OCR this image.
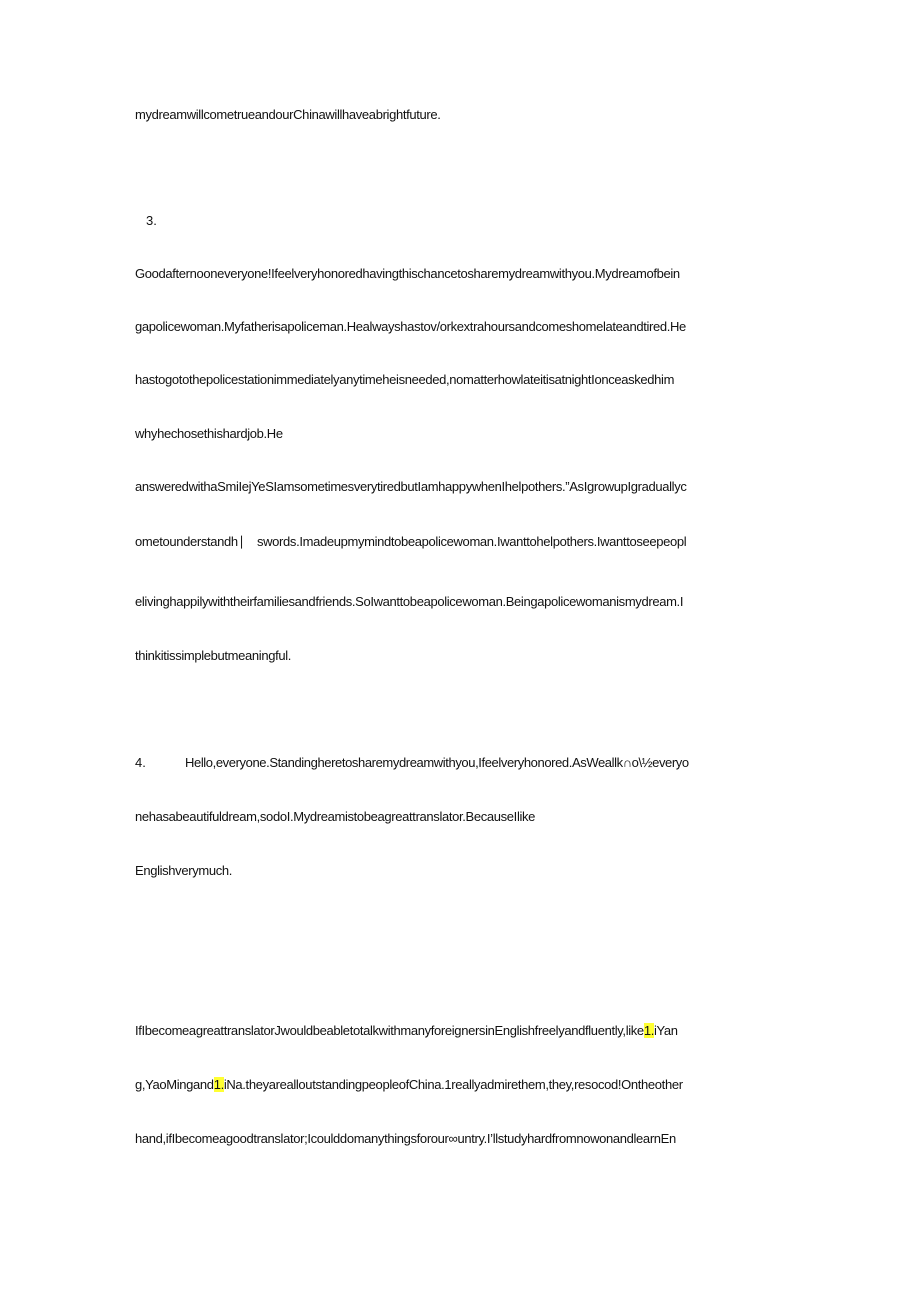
mydreamwillcometrueandourChinawillhaveabrightfuture.
3.
Goodafternooneveryone!Ifeelveryhonoredhavingthischancetosharemydreamwithyou.Mydreamofbein
gapolicewoman.Myfatherisapoliceman.Healwayshastov/orkextrahoursandcomeshomelateandtired.He
hastogotothepolicestationimmediatelyanytimeheisneeded,nomatterhowlateitisatnightIonceaskedhim
whyhechosethishardjob.He
answeredwithaSmiIejYeSIamsometimesverytiredbutIamhappywhenIhelpothers.”AsIgrowupIgraduallyc
ometounderstandh ⎸ swords.Imadeupmymindtobeapolicewoman.Iwanttohelpothers.Iwanttoseepeopl
elivinghappilywiththeirfamiliesandfriends.SoIwanttobeapolicewoman.Beingapolicewomanismydream.I
thinkitissimplebutmeaningful.
4.	Hello,everyone.Standingheretosharemydreamwithyou,Ifeelveryhonored.AsWeallk∩o\½everyo
nehasabeautifuldream,sodoI.Mydreamistobeagreattranslator.BecauseIlike
Englishverymuch.
IfIbecomeagreattranslatorJwouldbeabletotalkwithmanyforeignersinEnglishfreelyandfluently,like1.iYan
g,YaoMingand1.iNa.theyarealloutstandingpeopleofChina.1reallyadmirethem,they,resocod!Ontheother
hand,ifIbecomeagoodtranslator;Icoulddomanythingsforour∞untry.I’llstudyhardfromnowonandlearnEn
